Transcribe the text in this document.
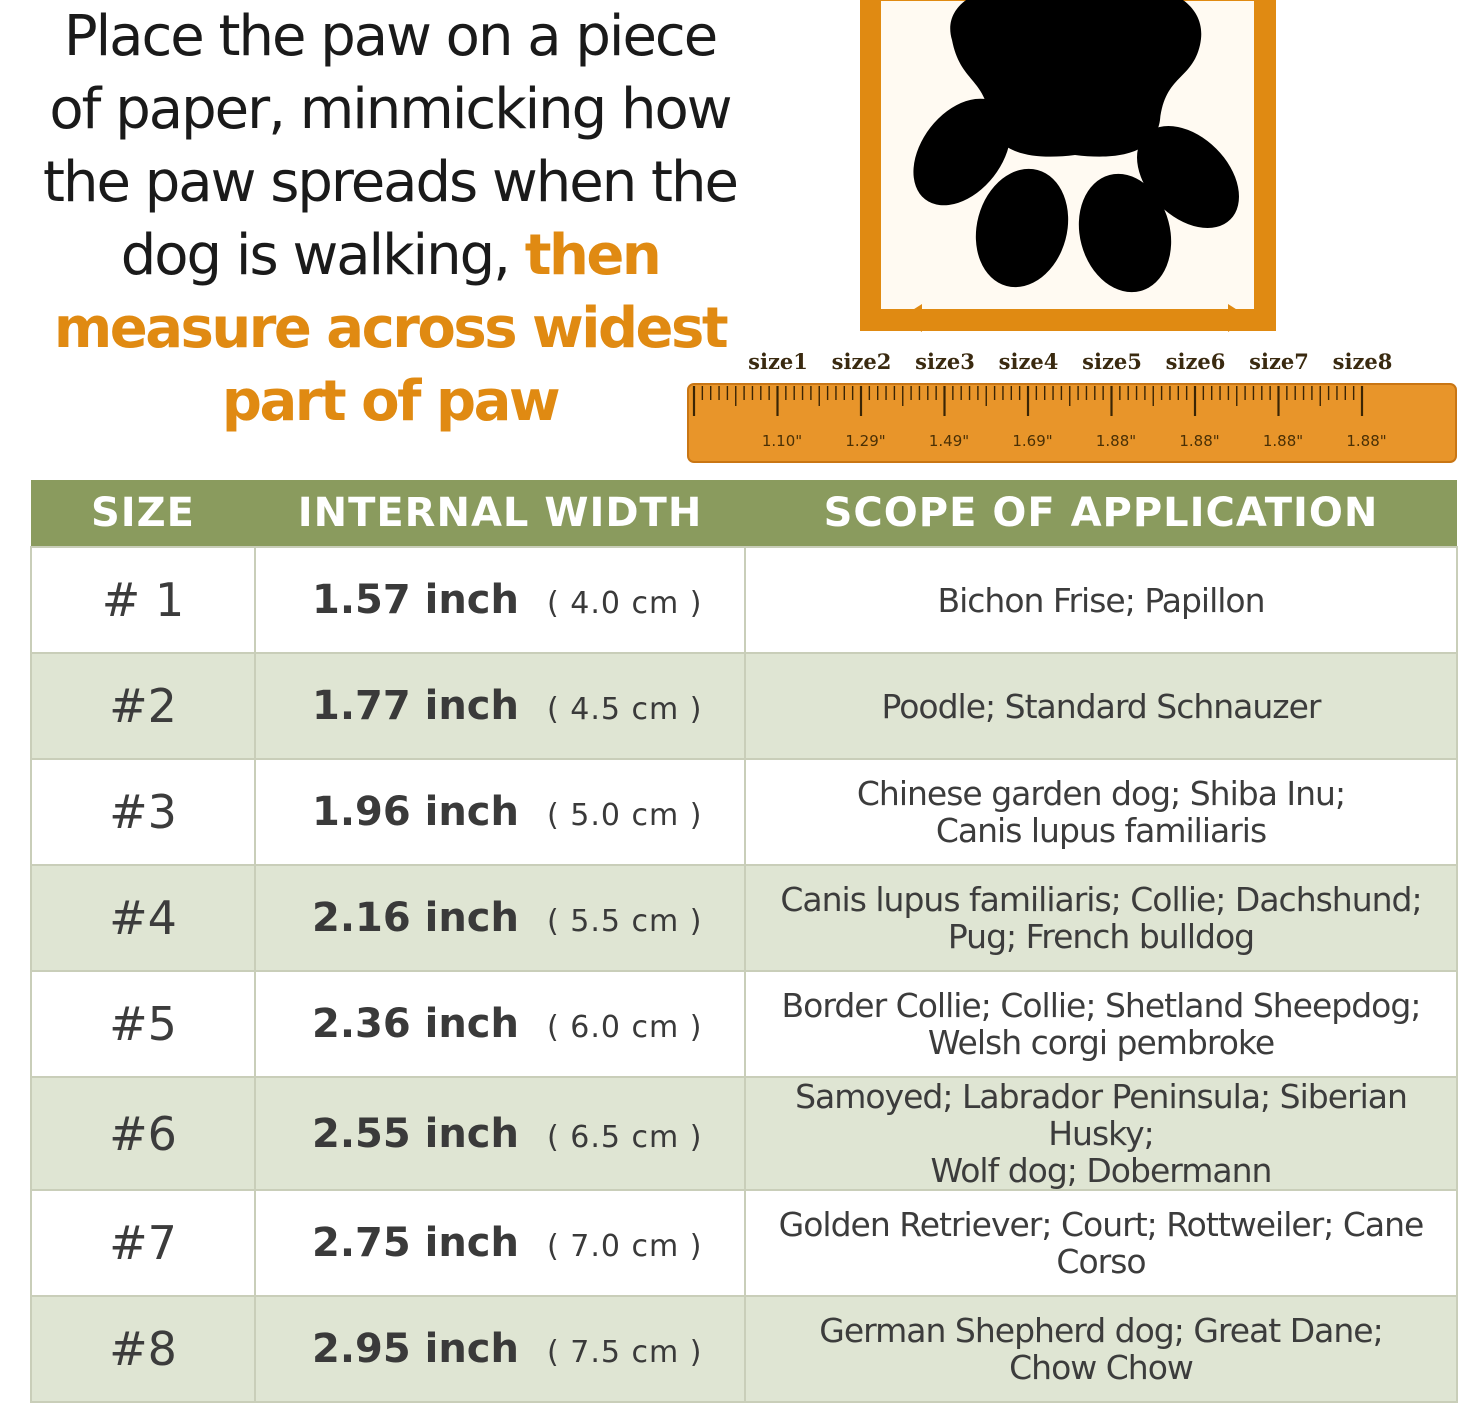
Place the paw on a piece
of paper, minmicking how
the paw spreads when the
dog is walking, then
measure across widest
part of paw
size1 size2 size3 size4 size5 size6 size7 size8
1.10"	1.29"	1.49"	1.69"	1.88"	1.88"	1.88"	1.88"
SIZE	INTERNAL WIDTH	SCOPE OF APPLICATION
# 1	1.57 inch ( 4.0 cm )	Bichon Frise; Papillon
#2	1.77 inch ( 4.5 cm )	Poodle; Standard Schnauzer
#3	1.96 inch ( 5.0 cm )	Chinese garden dog; Shiba Inu;
Canis lupus familiaris
#4	2.16 inch ( 5.5 cm )	Canis lupus familiaris; Collie; Dachshund;
Pug; French bulldog
#5	2.36 inch ( 6.0 cm )	Border Collie; Collie; Shetland Sheepdog;
Welsh corgi pembroke
#6	2.55 inch ( 6.5 cm )	Samoyed; Labrador Peninsula; Siberian Husky;
Wolf dog; Dobermann
#7	2.75 inch ( 7.0 cm )	Golden Retriever; Court; Rottweiler; Cane Corso
#8	2.95 inch ( 7.5 cm )	German Shepherd dog; Great Dane;
Chow Chow
